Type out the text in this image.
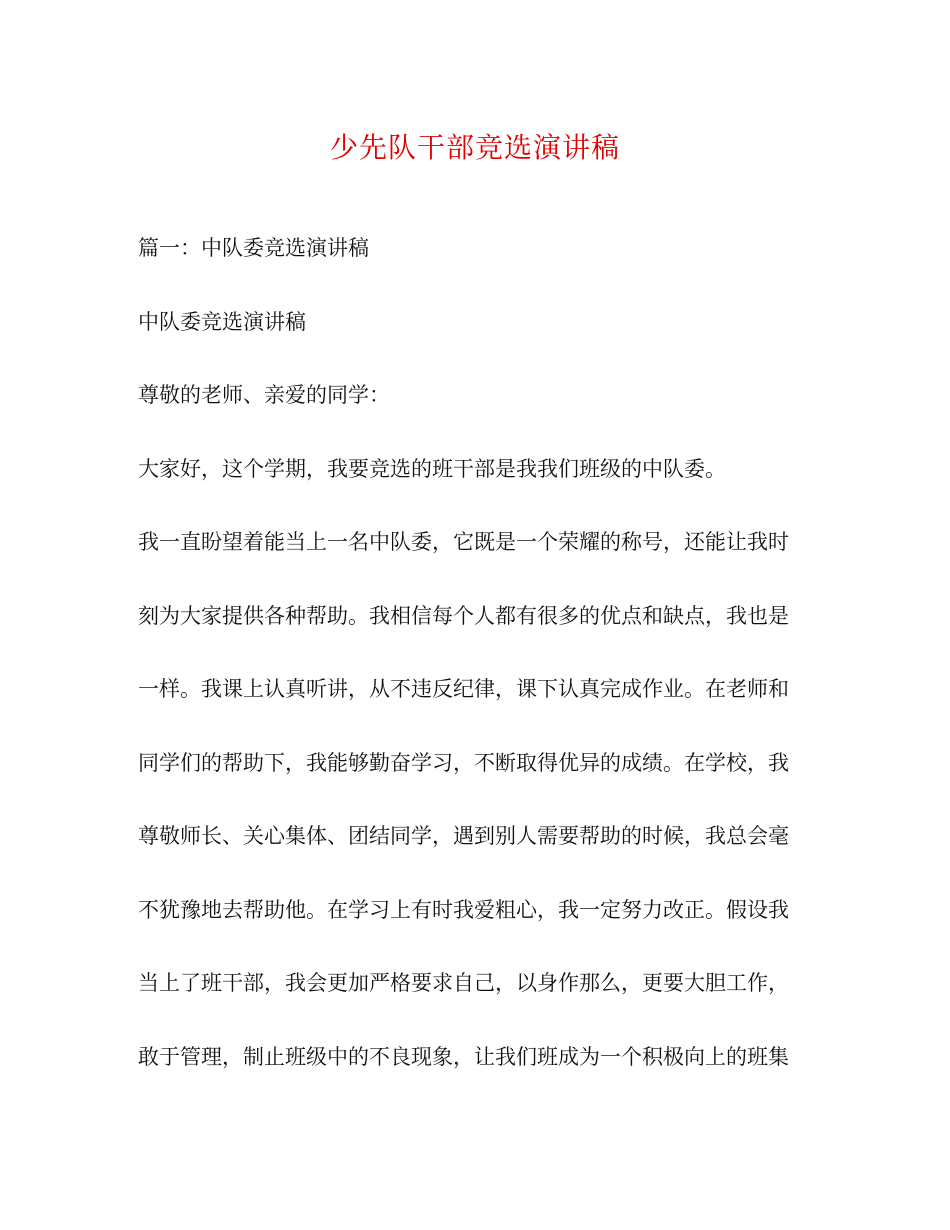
少先队干部竞选演讲稿

篇一：中队委竞选演讲稿

中队委竞选演讲稿

尊敬的老师、亲爱的同学：

大家好，这个学期，我要竞选的班干部是我我们班级的中队委。

我一直盼望着能当上一名中队委，它既是一个荣耀的称号，还能让我时

刻为大家提供各种帮助。我相信每个人都有很多的优点和缺点，我也是

一样。我课上认真听讲，从不违反纪律，课下认真完成作业。在老师和

同学们的帮助下，我能够勤奋学习，不断取得优异的成绩。在学校，我

尊敬师长、关心集体、团结同学，遇到别人需要帮助的时候，我总会毫

不犹豫地去帮助他。在学习上有时我爱粗心，我一定努力改正。假设我

当上了班干部，我会更加严格要求自己，以身作那么，更要大胆工作，

敢于管理，制止班级中的不良现象，让我们班成为一个积极向上的班集
